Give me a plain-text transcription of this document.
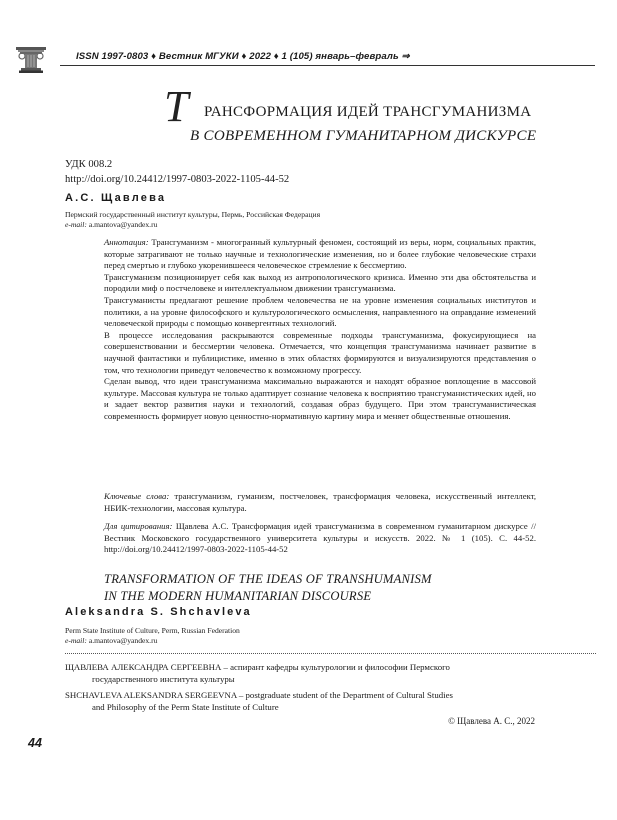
ISSN 1997-0803 ♦ Вестник МГУКИ ♦ 2022 ♦ 1 (105) январь–февраль ⇒
Т РАНСФОРМАЦИЯ ИДЕЙ ТРАНСГУМАНИЗМА
В СОВРЕМЕННОМ ГУМАНИТАРНОМ ДИСКУРСЕ
УДК 008.2
http://doi.org/10.24412/1997-0803-2022-1105-44-52
А.С. Щавлева
Пермский государственный институт культуры, Пермь, Российская Федерация
e-mail: a.mantova@yandex.ru

Аннотация: Трансгуманизм - многогранный культурный феномен, состоящий из веры, норм, социальных практик, которые затрагивают не только научные и технологические изменения, но и более глубокие человеческие страхи перед смертью и глубоко укоренившееся человеческое стремление к бессмертию.

Трансгуманизм позиционирует себя как выход из антропологического кризиса. Именно эти два обстоятельства и породили миф о постчеловеке и интеллектуальном движении трансгуманизма.

Трансгуманисты предлагают решение проблем человечества не на уровне изменения социальных институтов и политики, а на уровне философского и культурологического осмысления, направленного на оправдание изменений человеческой природы с помощью конвергентных технологий.

В процессе исследования раскрываются современные подходы трансгуманизма, фокусирующиеся на совершенствовании и бессмертии человека. Отмечается, что концепция трансгуманизма начинает развитие в научной фантастики и публицистике, именно в этих областях формируются и визуализируются представления о том, что технологии приведут человечество к возможному прогрессу.

Сделан вывод, что идеи трансгуманизма максимально выражаются и находят образное воплощение в массовой культуре. Массовая культура не только адаптирует сознание человека к восприятию трансгуманистических идей, но и задает вектор развития науки и технологий, создавая образ будущего. При этом трансгуманистическая современность формирует новую ценностно-нормативную картину мира и меняет общественные отношения.

Ключевые слова: трансгуманизм, гуманизм, постчеловек, трансформация человека, искусственный интеллект, НБИК-технологии, массовая культура.
Для цитирования: Щавлева А.С. Трансформация идей трансгуманизма в современном гуманитарном дискурсе // Вестник Московского государственного университета культуры и искусств. 2022. № 1 (105). С. 44-52. http://doi.org/10.24412/1997-0803-2022-1105-44-52
TRANSFORMATION OF THE IDEAS OF TRANSHUMANISM
IN THE MODERN HUMANITARIAN DISCOURSE
Aleksandra S. Shchavleva
Perm State Institute of Culture, Perm, Russian Federation
e-mail: a.mantova@yandex.ru
ЩАВЛЕВА АЛЕКСАНДРА СЕРГЕЕВНА – аспирант кафедры культурологии и философии Пермского
государственного института культуры
SHCHAVLEVA ALEKSANDRA SERGEEVNA – postgraduate student of the Department of Cultural Studies
and Philosophy of the Perm State Institute of Culture
© Щавлева А. С., 2022
44
